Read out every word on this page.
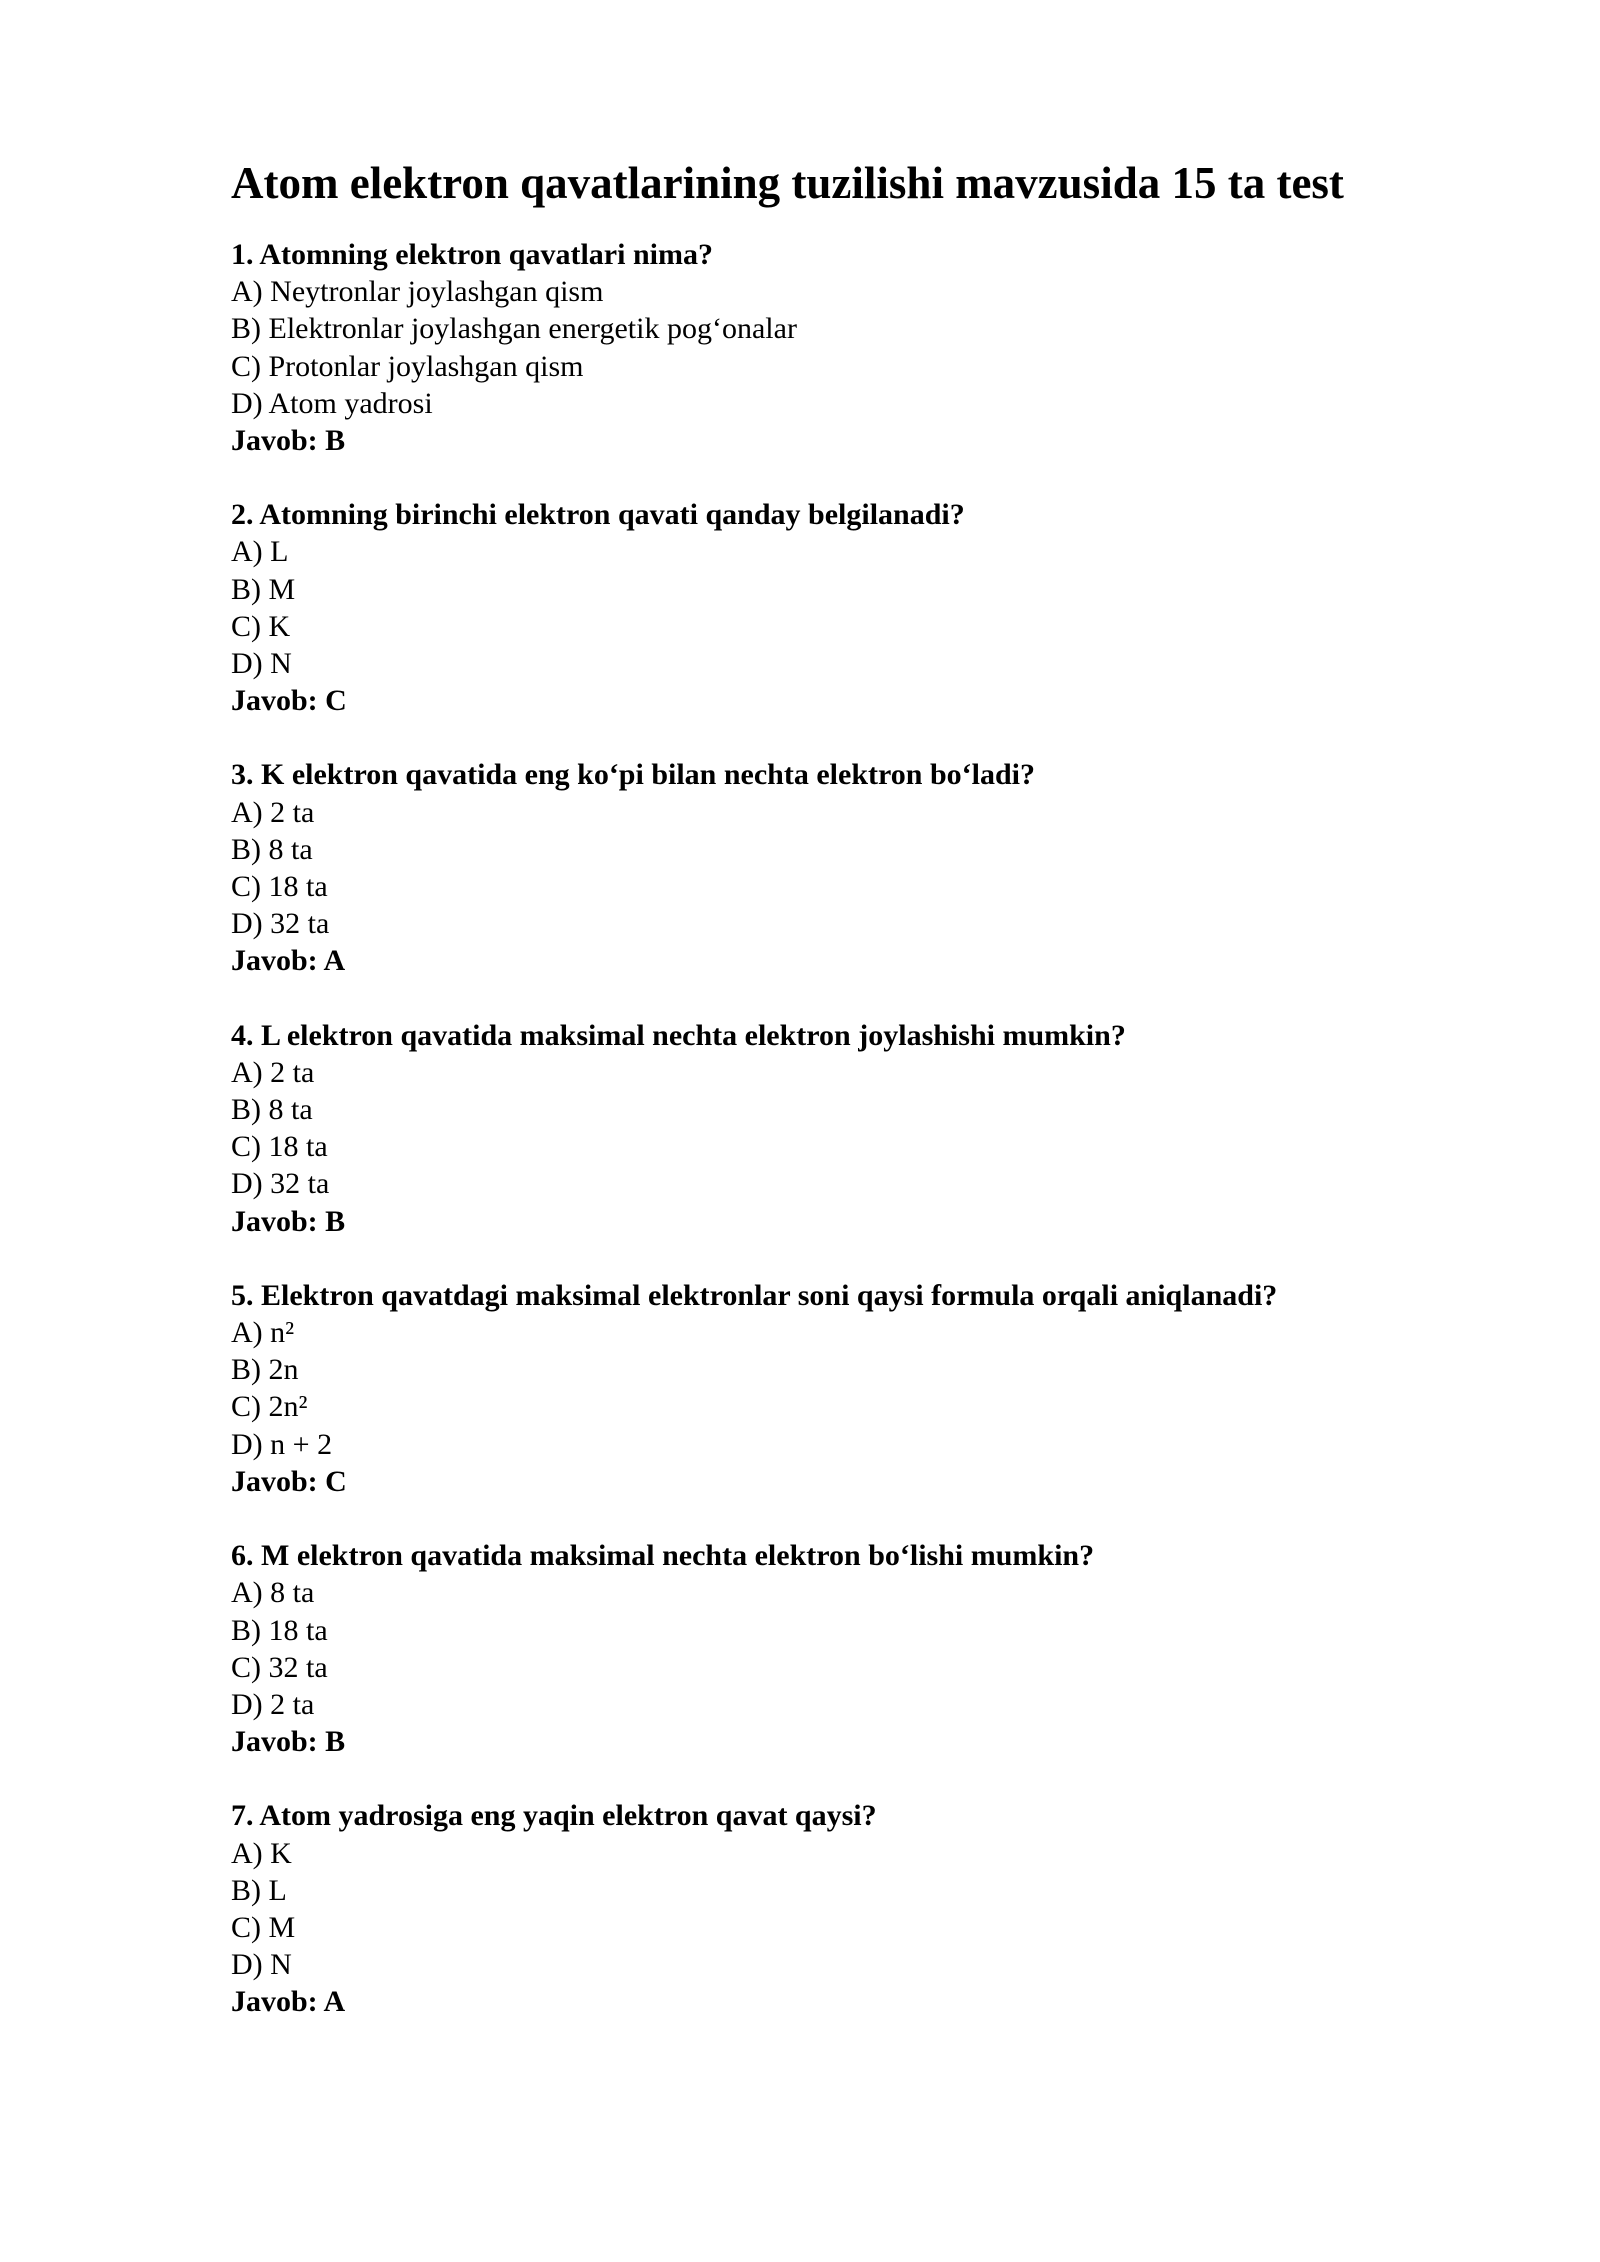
Atom elektron qavatlarining tuzilishi mavzusida 15 ta test
1. Atomning elektron qavatlari nima?
A) Neytronlar joylashgan qism
B) Elektronlar joylashgan energetik pog‘onalar
C) Protonlar joylashgan qism
D) Atom yadrosi
Javob: B
2. Atomning birinchi elektron qavati qanday belgilanadi?
A) L
B) M
C) K
D) N
Javob: C
3. K elektron qavatida eng ko‘pi bilan nechta elektron bo‘ladi?
A) 2 ta
B) 8 ta
C) 18 ta
D) 32 ta
Javob: A
4. L elektron qavatida maksimal nechta elektron joylashishi mumkin?
A) 2 ta
B) 8 ta
C) 18 ta
D) 32 ta
Javob: B
5. Elektron qavatdagi maksimal elektronlar soni qaysi formula orqali aniqlanadi?
A) n²
B) 2n
C) 2n²
D) n + 2
Javob: C
6. M elektron qavatida maksimal nechta elektron bo‘lishi mumkin?
A) 8 ta
B) 18 ta
C) 32 ta
D) 2 ta
Javob: B
7. Atom yadrosiga eng yaqin elektron qavat qaysi?
A) K
B) L
C) M
D) N
Javob: A
